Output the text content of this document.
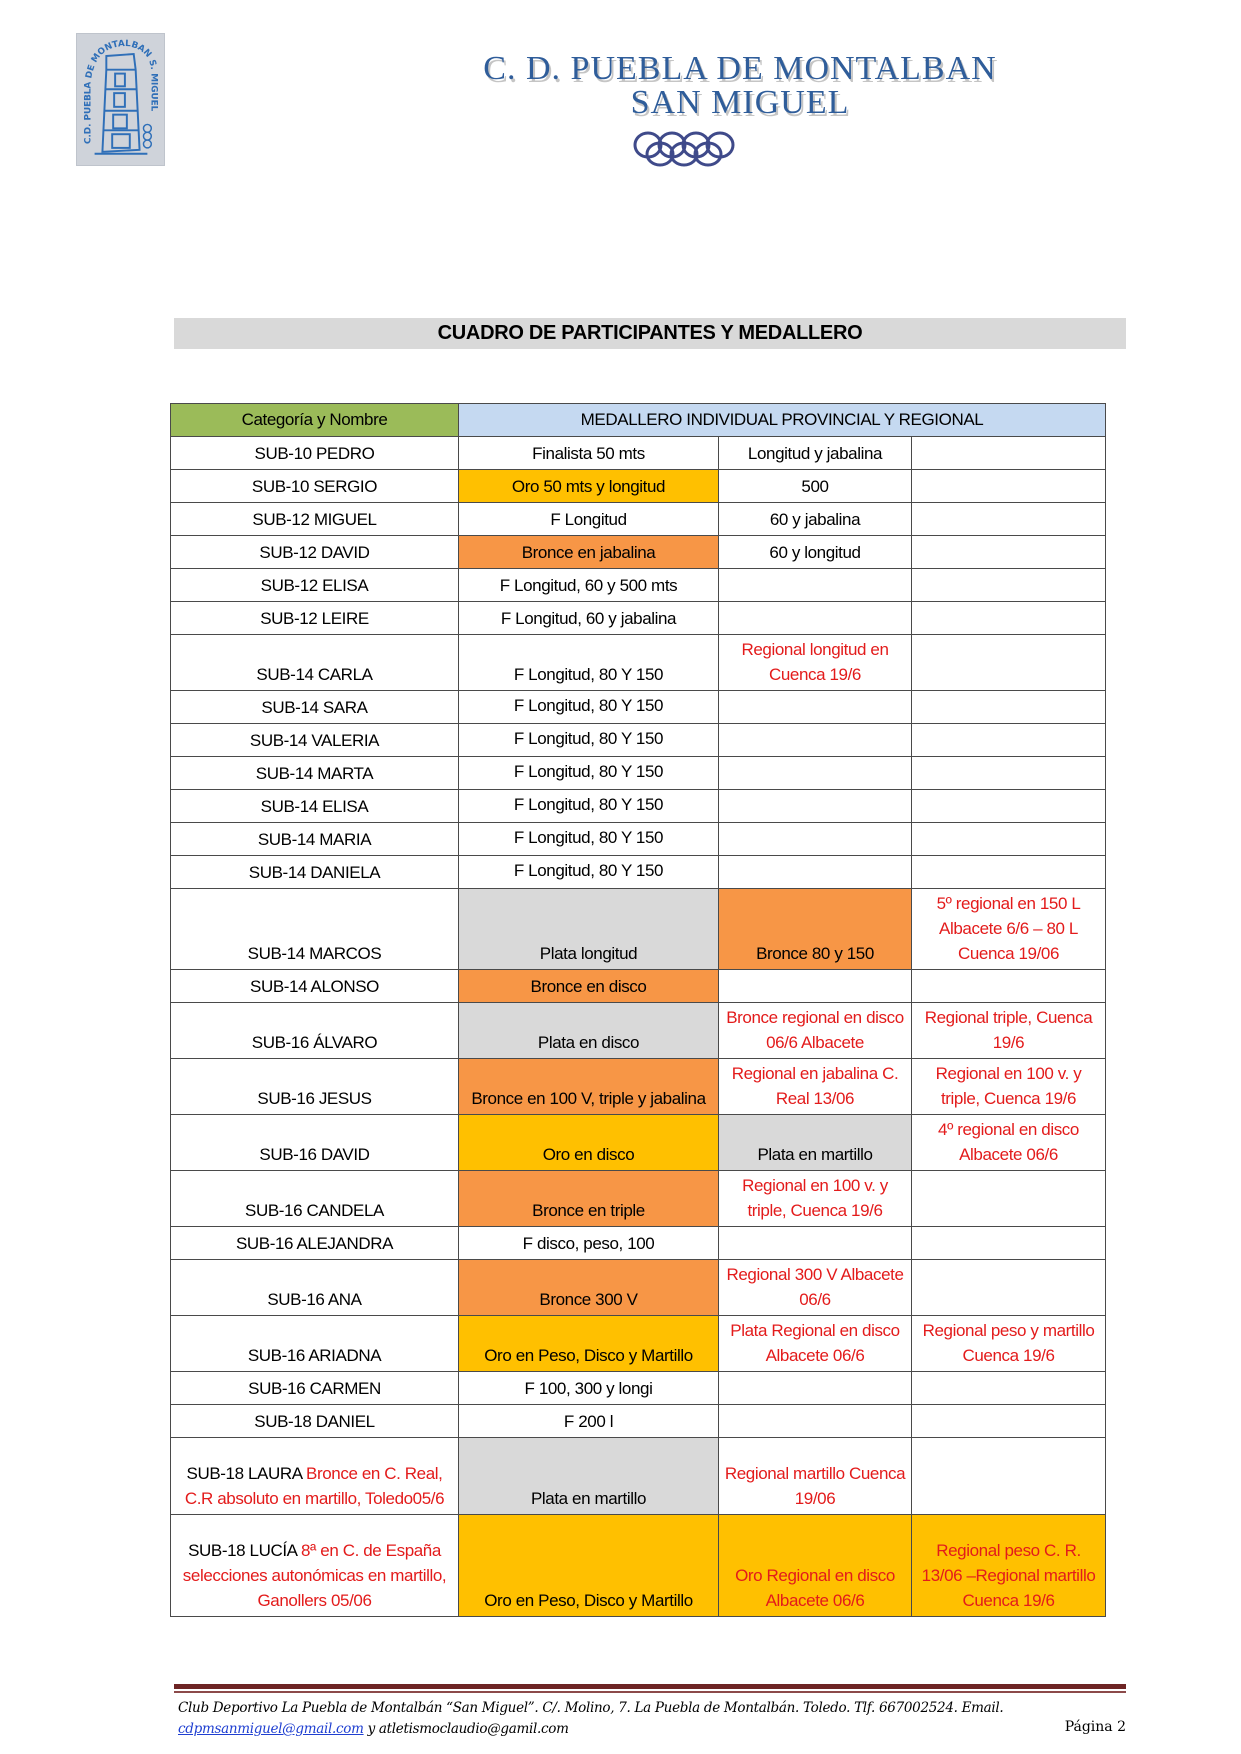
C.D. PUEBLA DE MONTALBAN S. MIGUEL
C. D. PUEBLA DE MONTALBAN
SAN MIGUEL
CUADRO DE PARTICIPANTES Y MEDALLERO
Categoría y Nombre	MEDALLERO INDIVIDUAL PROVINCIAL Y REGIONAL		
SUB-10 PEDRO	Finalista 50 mts	Longitud y jabalina	
SUB-10 SERGIO	Oro 50 mts y longitud	500	
SUB-12 MIGUEL	F Longitud	60 y jabalina	
SUB-12 DAVID	Bronce en jabalina	60 y longitud	
SUB-12 ELISA	F Longitud, 60 y 500 mts		
SUB-12 LEIRE	F Longitud, 60 y jabalina		
SUB-14 CARLA	F Longitud, 80 Y 150	Regional longitud en Cuenca 19/6	
SUB-14 SARA	F Longitud, 80 Y 150		
SUB-14 VALERIA	F Longitud, 80 Y 150		
SUB-14 MARTA	F Longitud, 80 Y 150		
SUB-14 ELISA	F Longitud, 80 Y 150		
SUB-14 MARIA	F Longitud, 80 Y 150		
SUB-14 DANIELA	F Longitud, 80 Y 150		
SUB-14 MARCOS	Plata longitud	Bronce 80 y 150	5º regional en 150 L Albacete 6/6 – 80 L Cuenca 19/06
SUB-14 ALONSO	Bronce en disco		
SUB-16 ÁLVARO	Plata en disco	Bronce regional en disco 06/6 Albacete	Regional triple, Cuenca 19/6
SUB-16 JESUS	Bronce en 100 V, triple y jabalina	Regional en jabalina C. Real 13/06	Regional en 100 v. y triple, Cuenca 19/6
SUB-16 DAVID	Oro en disco	Plata en martillo	4º regional en disco Albacete 06/6
SUB-16 CANDELA	Bronce en triple	Regional en 100 v. y triple, Cuenca 19/6	
SUB-16 ALEJANDRA	F disco, peso, 100		
SUB-16 ANA	Bronce 300 V	Regional 300 V Albacete 06/6	
SUB-16 ARIADNA	Oro en Peso, Disco y Martillo	Plata Regional en disco Albacete 06/6	Regional peso y martillo Cuenca 19/6
SUB-16 CARMEN	F 100, 300 y longi		
SUB-18 DANIEL	F 200 l		
SUB-18 LAURA Bronce en C. Real, C.R absoluto en martillo, Toledo05/6	Plata en martillo	Regional martillo Cuenca 19/06	
SUB-18 LUCÍA 8ª en C. de España selecciones autonómicas en martillo, Ganollers 05/06	Oro en Peso, Disco y Martillo	Oro Regional en disco Albacete 06/6	Regional peso C. R. 13/06 –Regional martillo Cuenca 19/6
Club Deportivo La Puebla de Montalbán “San Miguel”. C/. Molino, 7. La Puebla de Montalbán. Toledo. Tlf. 667002524. Email.
cdpmsanmiguel@gmail.com y atletismoclaudio@gamil.com	Página 2
